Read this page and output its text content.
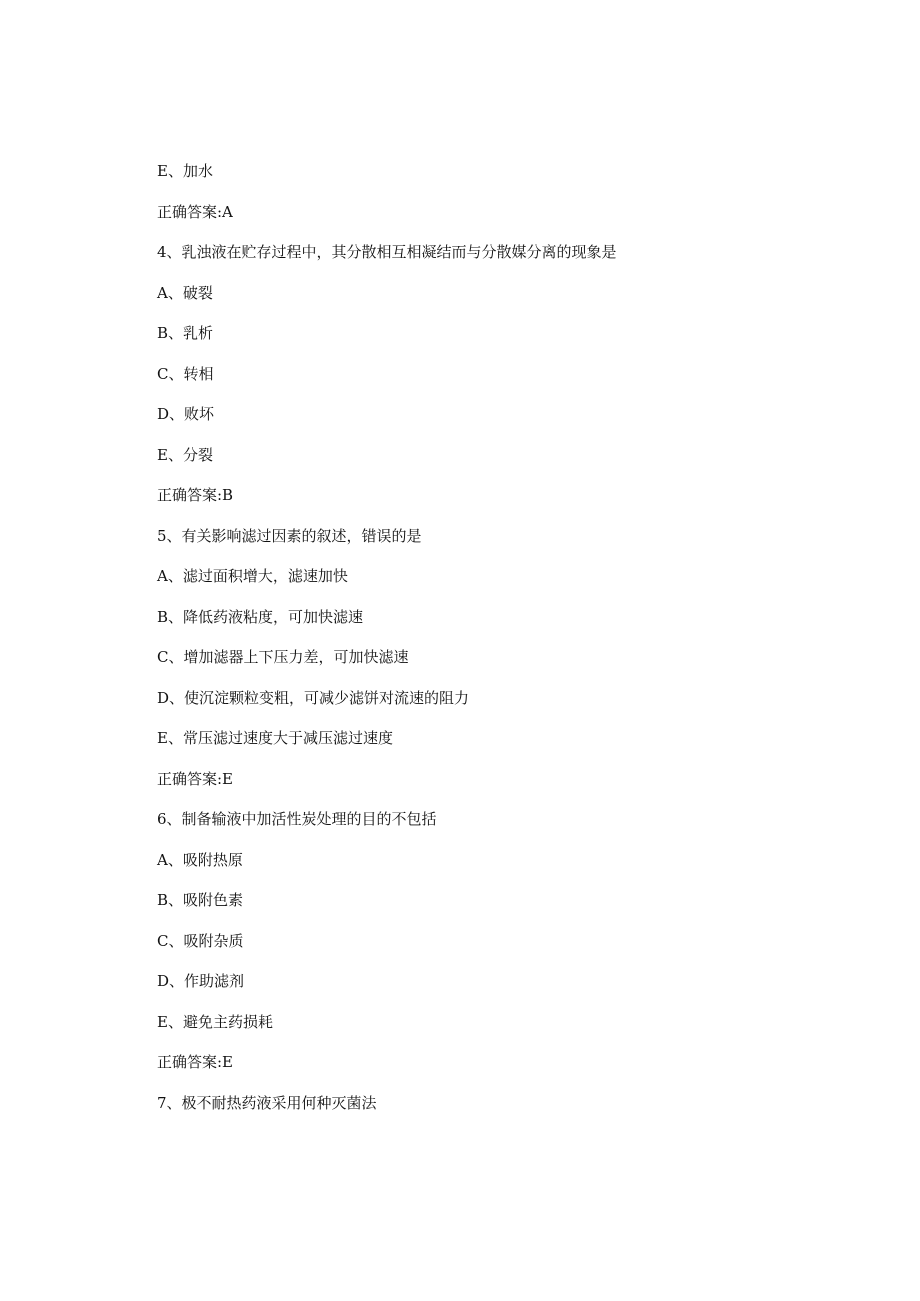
E、加水
正确答案:A
4、乳浊液在贮存过程中，其分散相互相凝结而与分散媒分离的现象是
A、破裂
B、乳析
C、转相
D、败坏
E、分裂
正确答案:B
5、有关影响滤过因素的叙述，错误的是
A、滤过面积增大，滤速加快
B、降低药液粘度，可加快滤速
C、增加滤器上下压力差，可加快滤速
D、使沉淀颗粒变粗，可减少滤饼对流速的阻力
E、常压滤过速度大于减压滤过速度
正确答案:E
6、制备输液中加活性炭处理的目的不包括
A、吸附热原
B、吸附色素
C、吸附杂质
D、作助滤剂
E、避免主药损耗
正确答案:E
7、极不耐热药液采用何种灭菌法
